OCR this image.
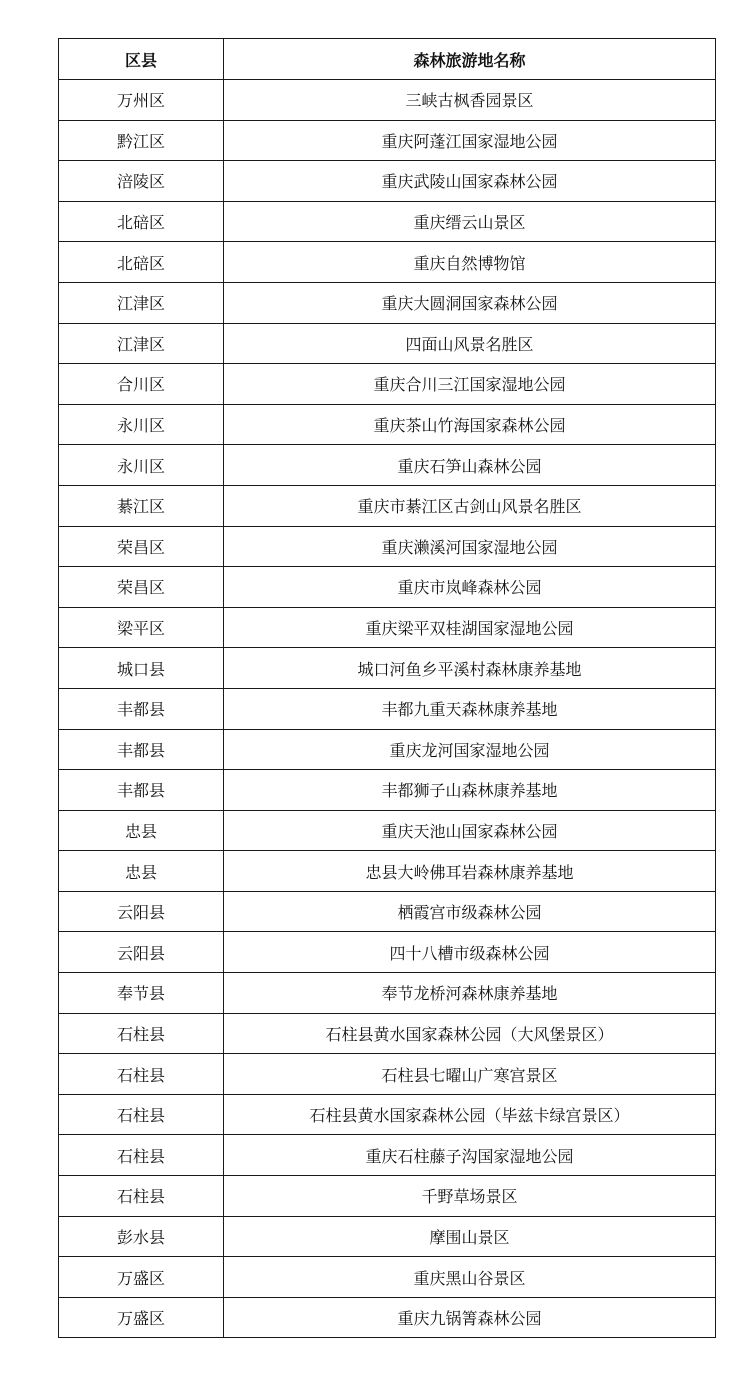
区县	森林旅游地名称
万州区	三峡古枫香园景区
黔江区	重庆阿蓬江国家湿地公园
涪陵区	重庆武陵山国家森林公园
北碚区	重庆缙云山景区
北碚区	重庆自然博物馆
江津区	重庆大圆洞国家森林公园
江津区	四面山风景名胜区
合川区	重庆合川三江国家湿地公园
永川区	重庆茶山竹海国家森林公园
永川区	重庆石笋山森林公园
綦江区	重庆市綦江区古剑山风景名胜区
荣昌区	重庆濑溪河国家湿地公园
荣昌区	重庆市岚峰森林公园
梁平区	重庆梁平双桂湖国家湿地公园
城口县	城口河鱼乡平溪村森林康养基地
丰都县	丰都九重天森林康养基地
丰都县	重庆龙河国家湿地公园
丰都县	丰都狮子山森林康养基地
忠县	重庆天池山国家森林公园
忠县	忠县大岭佛耳岩森林康养基地
云阳县	栖霞宫市级森林公园
云阳县	四十八槽市级森林公园
奉节县	奉节龙桥河森林康养基地
石柱县	石柱县黄水国家森林公园（大风堡景区）
石柱县	石柱县七曜山广寒宫景区
石柱县	石柱县黄水国家森林公园（毕兹卡绿宫景区）
石柱县	重庆石柱藤子沟国家湿地公园
石柱县	千野草场景区
彭水县	摩围山景区
万盛区	重庆黑山谷景区
万盛区	重庆九锅箐森林公园
